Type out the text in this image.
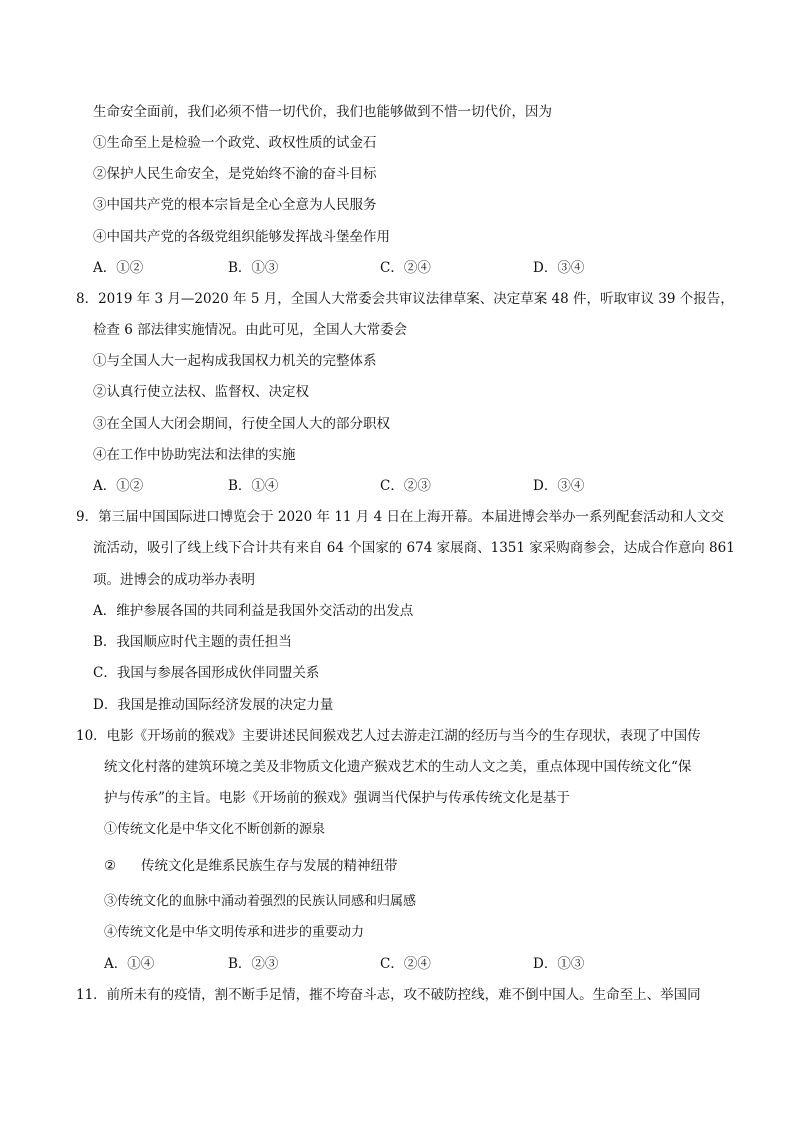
生命安全面前，我们必须不惜一切代价，我们也能够做到不惜一切代价，因为
①生命至上是检验一个政党、政权性质的试金石
②保护人民生命安全，是党始终不渝的奋斗目标
③中国共产党的根本宗旨是全心全意为人民服务
④中国共产党的各级党组织能够发挥战斗堡垒作用
A．①②	B．①③	C．②④	D．③④
8．2019 年 3 月—2020 年 5 月，全国人大常委会共审议法律草案、决定草案 48 件，听取审议 39 个报告，
检查 6 部法律实施情况。由此可见，全国人大常委会
①与全国人大一起构成我国权力机关的完整体系
②认真行使立法权、监督权、决定权
③在全国人大闭会期间，行使全国人大的部分职权
④在工作中协助宪法和法律的实施
A．①②	B．①④	C．②③	D．③④
9．第三届中国国际进口博览会于 2020 年 11 月 4 日在上海开幕。本届进博会举办一系列配套活动和人文交
流活动，吸引了线上线下合计共有来自 64 个国家的 674 家展商、1351 家采购商参会，达成合作意向 861
项。进博会的成功举办表明
A．维护参展各国的共同利益是我国外交活动的出发点
B．我国顺应时代主题的责任担当
C．我国与参展各国形成伙伴同盟关系
D．我国是推动国际经济发展的决定力量
10．电影《开场前的猴戏》主要讲述民间猴戏艺人过去游走江湖的经历与当今的生存现状，表现了中国传
统文化村落的建筑环境之美及非物质文化遗产猴戏艺术的生动人文之美，重点体现中国传统文化“保
护与传承”的主旨。电影《开场前的猴戏》强调当代保护与传承传统文化是基于
①传统文化是中华文化不断创新的源泉
② 传统文化是维系民族生存与发展的精神纽带
③传统文化的血脉中涌动着强烈的民族认同感和归属感
④传统文化是中华文明传承和进步的重要动力
A．①④	B．②③	C．②④	D．①③
11．前所未有的疫情，割不断手足情，摧不垮奋斗志，攻不破防控线，难不倒中国人。生命至上、举国同
